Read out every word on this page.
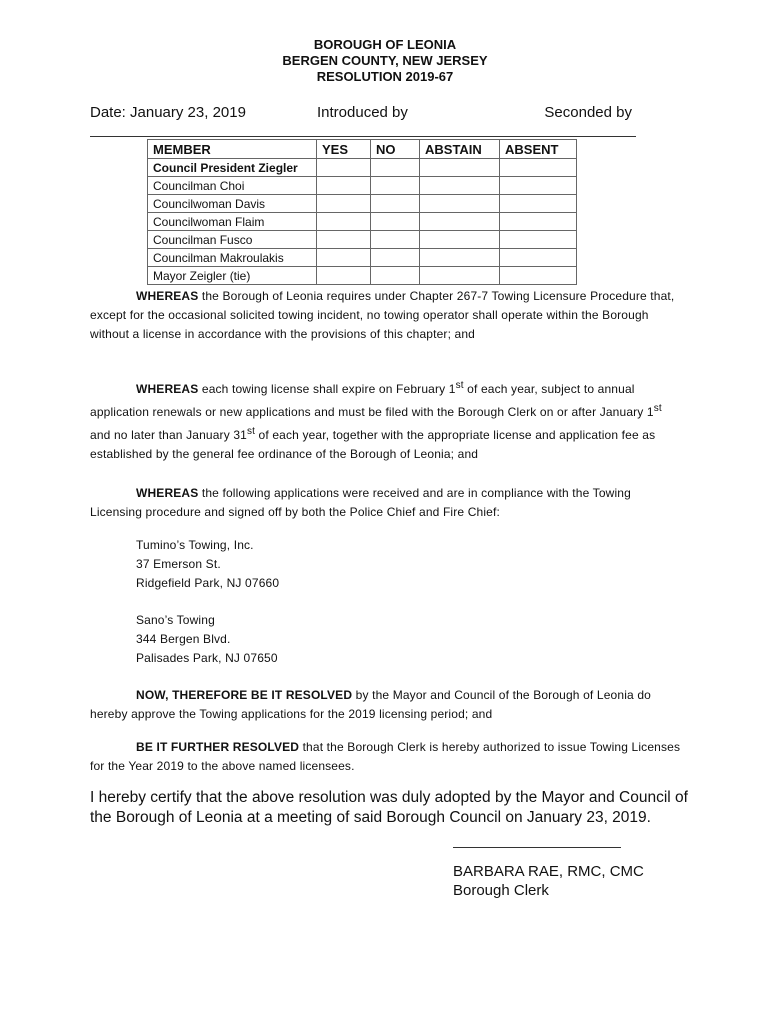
BOROUGH OF LEONIA
BERGEN COUNTY, NEW JERSEY
RESOLUTION 2019-67
Date: January 23, 2019	Introduced by	Seconded by
MEMBER	YES	NO	ABSTAIN	ABSENT
Council President Ziegler				
Councilman Choi				
Councilwoman Davis				
Councilwoman Flaim				
Councilman Fusco				
Councilman Makroulakis				
Mayor Zeigler (tie)				

WHEREAS the Borough of Leonia requires under Chapter 267-7 Towing Licensure Procedure that, except for the occasional solicited towing incident, no towing operator shall operate within the Borough without a license in accordance with the provisions of this chapter; and

WHEREAS each towing license shall expire on February 1st of each year, subject to annual application renewals or new applications and must be filed with the Borough Clerk on or after January 1st and no later than January 31st of each year, together with the appropriate license and application fee as established by the general fee ordinance of the Borough of Leonia; and

WHEREAS the following applications were received and are in compliance with the Towing Licensing procedure and signed off by both the Police Chief and Fire Chief:

Tumino’s Towing, Inc.
37 Emerson St.
Ridgefield Park, NJ 07660
Sano’s Towing
344 Bergen Blvd.
Palisades Park, NJ 07650

NOW, THEREFORE BE IT RESOLVED by the Mayor and Council of the Borough of Leonia do hereby approve the Towing applications for the 2019 licensing period; and

BE IT FURTHER RESOLVED that the Borough Clerk is hereby authorized to issue Towing Licenses for the Year 2019 to the above named licensees.

I hereby certify that the above resolution was duly adopted by the Mayor and Council of the Borough of Leonia at a meeting of said Borough Council on January 23, 2019.
BARBARA RAE, RMC, CMC
Borough Clerk
